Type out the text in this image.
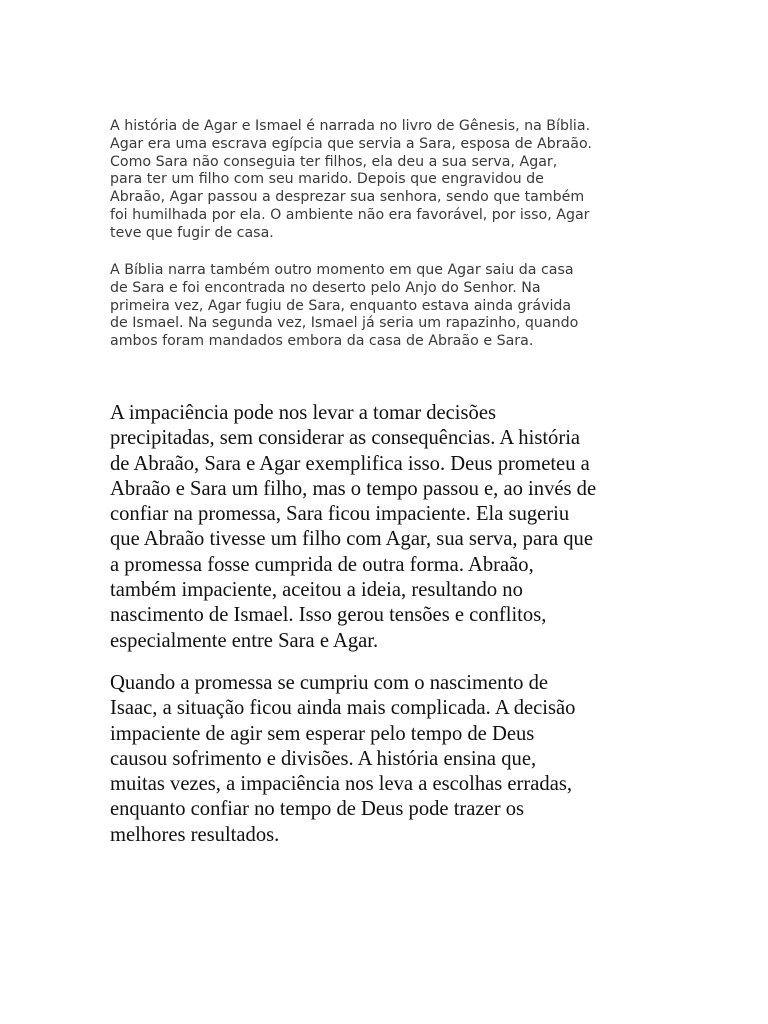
A história de Agar e Ismael é narrada no livro de Gênesis, na Bíblia.
Agar era uma escrava egípcia que servia a Sara, esposa de Abraão.
Como Sara não conseguia ter filhos, ela deu a sua serva, Agar,
para ter um filho com seu marido. Depois que engravidou de
Abraão, Agar passou a desprezar sua senhora, sendo que também
foi humilhada por ela. O ambiente não era favorável, por isso, Agar
teve que fugir de casa.

A Bíblia narra também outro momento em que Agar saiu da casa
de Sara e foi encontrada no deserto pelo Anjo do Senhor. Na
primeira vez, Agar fugiu de Sara, enquanto estava ainda grávida
de Ismael. Na segunda vez, Ismael já seria um rapazinho, quando
ambos foram mandados embora da casa de Abraão e Sara.

A impaciência pode nos levar a tomar decisões
precipitadas, sem considerar as consequências. A história
de Abraão, Sara e Agar exemplifica isso. Deus prometeu a
Abraão e Sara um filho, mas o tempo passou e, ao invés de
confiar na promessa, Sara ficou impaciente. Ela sugeriu
que Abraão tivesse um filho com Agar, sua serva, para que
a promessa fosse cumprida de outra forma. Abraão,
também impaciente, aceitou a ideia, resultando no
nascimento de Ismael. Isso gerou tensões e conflitos,
especialmente entre Sara e Agar.

Quando a promessa se cumpriu com o nascimento de
Isaac, a situação ficou ainda mais complicada. A decisão
impaciente de agir sem esperar pelo tempo de Deus
causou sofrimento e divisões. A história ensina que,
muitas vezes, a impaciência nos leva a escolhas erradas,
enquanto confiar no tempo de Deus pode trazer os
melhores resultados.
